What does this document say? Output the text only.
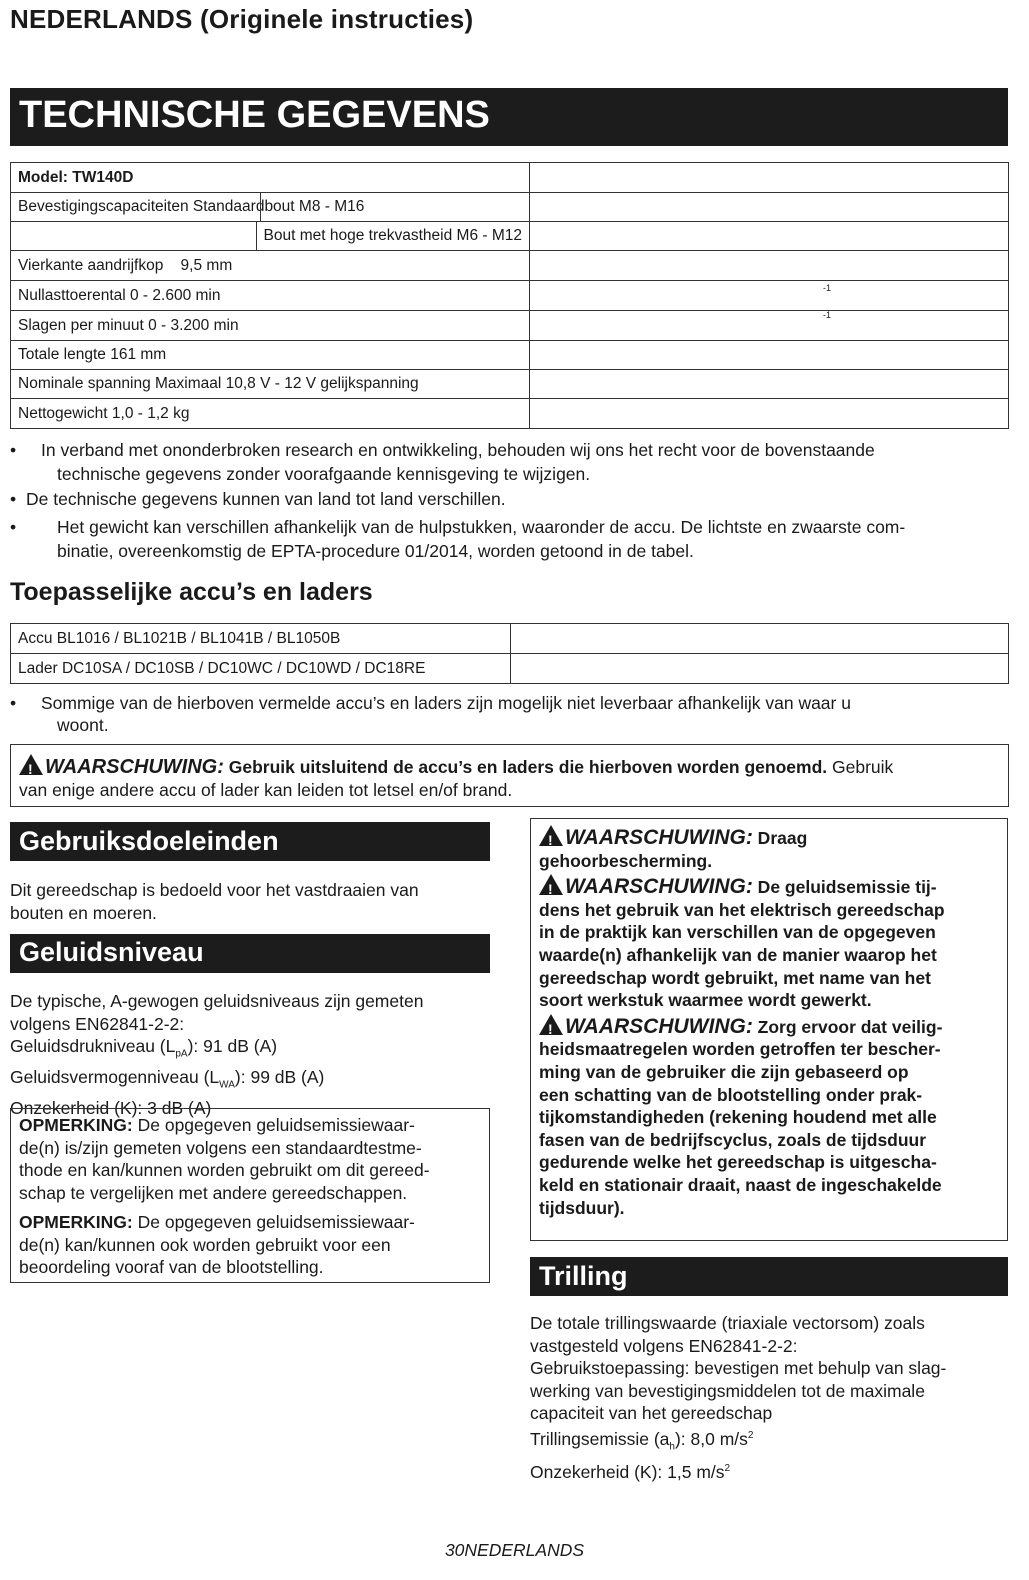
NEDERLANDS (Originele instructies)
TECHNISCHE GEGEVENS
Model: TW140D		
Bevestigingscapaciteiten Standaardbout M8 - M16	

	Bout met hoge trekvastheid M6 - M12	
Vierkante aandrijfkop    9,5 mm		
Nullasttoerental 0 - 2.600 min		-1

Slagen per minuut 0 - 3.200 min		-1

Totale lengte 161 mm		
Nominale spanning Maximaal 10,8 V - 12 V gelijkspanning		
Nettogewicht 1,0 - 1,2 kg		
•	In verband met ononderbroken research en ontwikkeling, behouden wij ons het recht voor de bovenstaande
technische gegevens zonder voorafgaande kennisgeving te wijzigen.
• De technische gegevens kunnen van land tot land verschillen.
•	Het gewicht kan verschillen afhankelijk van de hulpstukken, waaronder de accu. De lichtste en zwaarste com-
binatie, overeenkomstig de EPTA-procedure 01/2014, worden getoond in de tabel.
Toepasselijke accu’s en laders
Accu BL1016 / BL1021B / BL1041B / BL1050B	
Lader DC10SA / DC10SB / DC10WC / DC10WD / DC18RE	
•	Sommige van de hierboven vermelde accu’s en laders zijn mogelijk niet leverbaar afhankelijk van waar u
woont.
!WAARSCHUWING: Gebruik uitsluitend de accu’s en laders die hierboven worden genoemd. Gebruik
van enige andere accu of lader kan leiden tot letsel en/of brand.
Gebruiksdoeleinden
Dit gereedschap is bedoeld voor het vastdraaien van
bouten en moeren.
Geluidsniveau
De typische, A-gewogen geluidsniveaus zijn gemeten
volgens EN62841-2-2:
Geluidsdrukniveau $(L_{pA})$: 91 dB (A)
Geluidsvermogenniveau $(L_{WA})$: 99 dB (A)
Onzekerheid (K): 3 dB (A)
OPMERKING: De opgegeven geluidsemissiewaar-
de(n) is/zijn gemeten volgens een standaardtestme-
thode en kan/kunnen worden gebruikt om dit gereed-
schap te vergelijken met andere gereedschappen.
OPMERKING: De opgegeven geluidsemissiewaar-
de(n) kan/kunnen ook worden gebruikt voor een
beoordeling vooraf van de blootstelling.

!WAARSCHUWING: Draag
gehoorbescherming.

!WAARSCHUWING: De geluidsemissie tij-
dens het gebruik van het elektrisch gereedschap
in de praktijk kan verschillen van de opgegeven
waarde(n) afhankelijk van de manier waarop het
gereedschap wordt gebruikt, met name van het
soort werkstuk waarmee wordt gewerkt.

!WAARSCHUWING: Zorg ervoor dat veilig-
heidsmaatregelen worden getroffen ter bescher-
ming van de gebruiker die zijn gebaseerd op
een schatting van de blootstelling onder prak-
tijkomstandigheden (rekening houdend met alle
fasen van de bedrijfscyclus, zoals de tijdsduur
gedurende welke het gereedschap is uitgescha-
keld en stationair draait, naast de ingeschakelde
tijdsduur).

Trilling
De totale trillingswaarde (triaxiale vectorsom) zoals
vastgesteld volgens EN62841-2-2:
Gebruikstoepassing: bevestigen met behulp van slag-
werking van bevestigingsmiddelen tot de maximale
capaciteit van het gereedschap
Trillingsemissie $(a_h)$: 8,0 $m/s^2$
Onzekerheid (K): 1,5 $m/s^2$
30NEDERLANDS
